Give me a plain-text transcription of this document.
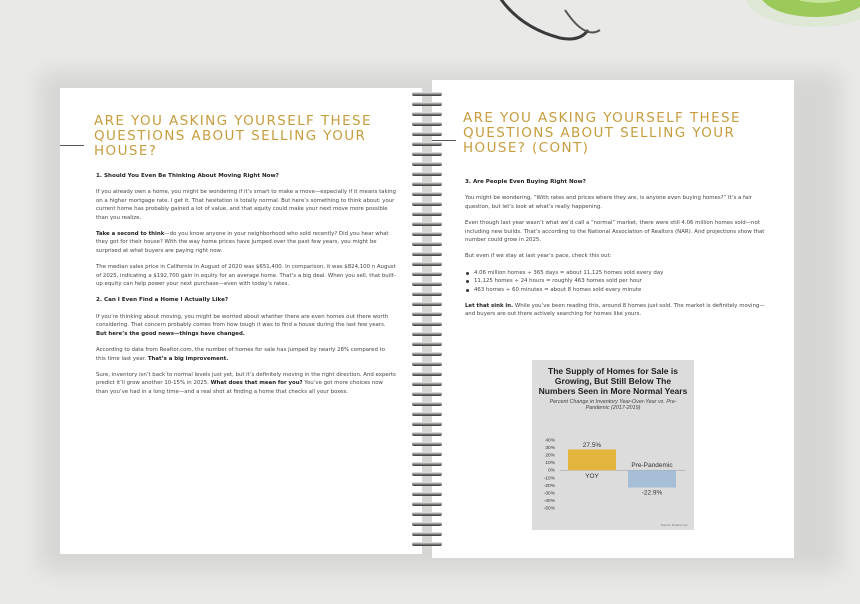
ARE YOU ASKING YOURSELF THESE QUESTIONS ABOUT SELLING YOUR HOUSE?
1. Should You Even Be Thinking About Moving Right Now?

If you already own a home, you might be wondering if it’s smart to make a move—especially if it means taking on a higher mortgage rate. I get it. That hesitation is totally normal. But here’s something to think about: your current home has probably gained a lot of value, and that equity could make your next move more possible than you realize.

Take a second to think—do you know anyone in your neighborhood who sold recently? Did you hear what they got for their house? With the way home prices have jumped over the past few years, you might be surprised at what buyers are paying right now.

The median sales price in California in August of 2020 was $651,400. In comparison, it was $824,100 n August of 2025, indicating a $192,700 gain in equity for an average home. That’s a big deal. When you sell, that built-up equity can help power your next purchase—even with today’s rates.

2. Can I Even Find a Home I Actually Like?

If you’re thinking about moving, you might be worried about whether there are even homes out there worth considering. That concern probably comes from how tough it was to find a house during the last few years. But here’s the good news—things have changed.

According to data from Realtor.com, the number of homes for sale has jumped by nearly 28% compared to this time last year. That’s a big improvement.

Sure, inventory isn’t back to normal levels just yet, but it’s definitely moving in the right direction. And experts predict it’ll grow another 10-15% in 2025. What does that mean for you? You’ve got more choices now than you’ve had in a long time—and a real shot at finding a home that checks all your boxes.

ARE YOU ASKING YOURSELF THESE QUESTIONS ABOUT SELLING YOUR HOUSE? (CONT)
3. Are People Even Buying Right Now?

You might be wondering, “With rates and prices where they are, is anyone even buying homes?” It’s a fair question, but let’s look at what’s really happening.

Even though last year wasn’t what we’d call a “normal” market, there were still 4.06 million homes sold—not including new builds. That’s according to the National Association of Realtors (NAR). And projections show that number could grow in 2025.

But even if we stay at last year’s pace, check this out:

4.06 million homes ÷ 365 days = about 11,125 homes sold every day
11,125 homes ÷ 24 hours = roughly 463 homes sold per hour
463 homes ÷ 60 minutes = about 8 homes sold every minute

Let that sink in. While you’ve been reading this, around 8 homes just sold. The market is definitely moving—and buyers are out there actively searching for homes like yours.

The Supply of Homes for Sale is Growing, But Still Below The Numbers Seen in More Normal Years
Percent Change in Inventory Year-Over-Year vs. Pre-Pandemic (2017-2019)
40%
30%
20%
10%
0%
-10%
-20%
-30%
-40%
-50%
27.5%
YOY
-22.9%
Pre-Pandemic
Source: Realtor.com
